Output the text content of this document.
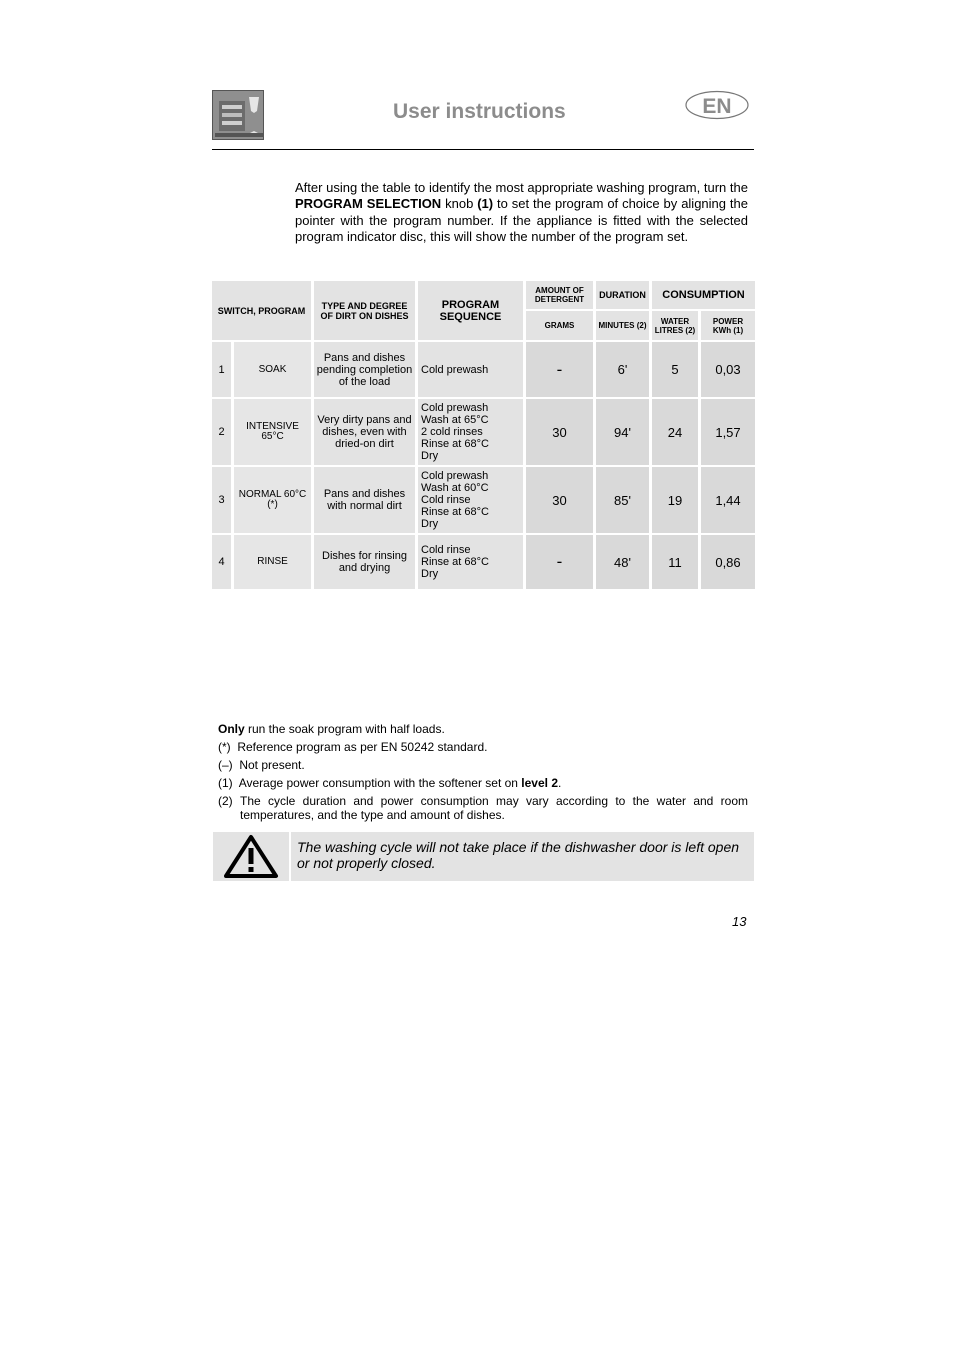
User instructions	EN
After using the table to identify the most appropriate washing program, turn the PROGRAM SELECTION knob (1) to set the program of choice by aligning the pointer with the program number. If the appliance is fitted with the selected program indicator disc, this will show the number of the program set.
SWITCH, PROGRAM		TYPE AND DEGREE OF DIRT ON DISHES	PROGRAM SEQUENCE	AMOUNT OF DETERGENT	DURATION	CONSUMPTION	
				GRAMS	MINUTES (2)	WATER LITRES (2)	POWER KWh (1)
1	SOAK	Pans and dishes pending completion of the load	Cold prewash	-	6'	5	0,03
2	INTENSIVE 65°C	Very dirty pans and dishes, even with dried-on dirt	Cold prewash
Wash at 65°C
2 cold rinses
Rinse at 68°C
Dry	30	94'	24	1,57
3	NORMAL 60°C (*)	Pans and dishes with normal dirt	Cold prewash
Wash at 60°C
Cold rinse
Rinse at 68°C
Dry	30	85'	19	1,44
4	RINSE	Dishes for rinsing and drying	Cold rinse
Rinse at 68°C
Dry	-	48'	11	0,86
Only run the soak program with half loads.
(*) Reference program as per EN 50242 standard.
(–) Not present.
(1) Average power consumption with the softener set on level 2.
(2) The cycle duration and power consumption may vary according to the water and room temperatures, and the type and amount of dishes.
The washing cycle will not take place if the dishwasher door is left open or not properly closed.
13
